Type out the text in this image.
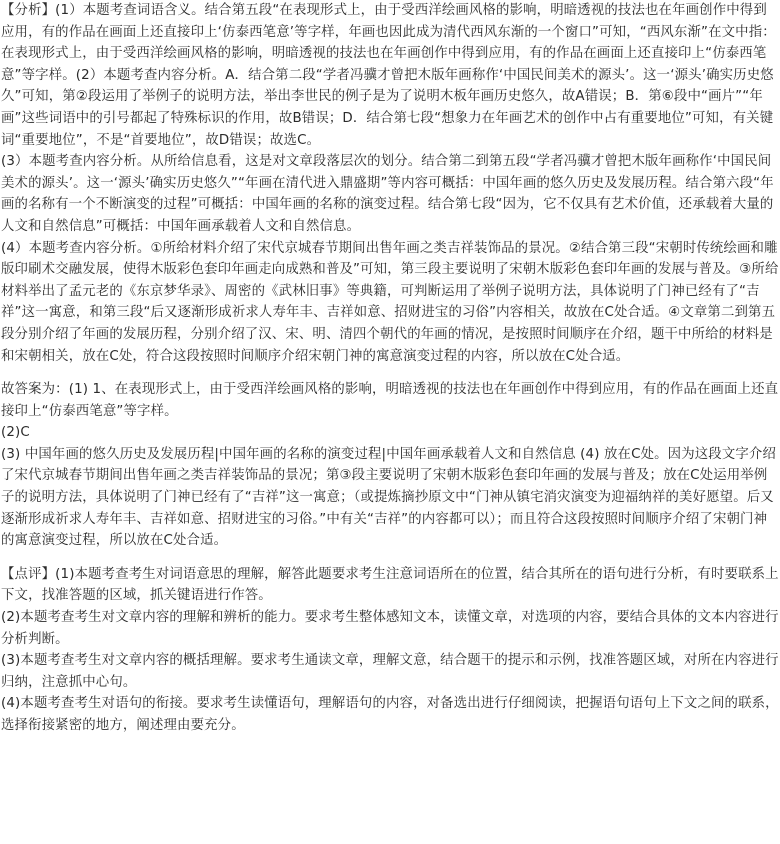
【分析】(1）本题考查词语含义。结合第五段“在表现形式上，由于受西洋绘画风格的影响，明暗透视的技法也在年画创作中得到应用，有的作品在画面上还直接印上‘仿泰西笔意’等字样，年画也因此成为清代西风东渐的一个窗口”可知，“西风东渐”在文中指：在表现形式上，由于受西洋绘画风格的影响，明暗透视的技法也在年画创作中得到应用，有的作品在画面上还直接印上“仿泰西笔意”等字样。(2）本题考查内容分析。A．结合第二段“学者冯骥才曾把木版年画称作‘中国民间美术的源头’。这一‘源头’确实历史悠久”可知，第②段运用了举例子的说明方法，举出李世民的例子是为了说明木板年画历史悠久，故A错误；B．第⑥段中“画片”“年画”这些词语中的引号都起了特殊标识的作用，故B错误；D．结合第七段“想象力在年画艺术的创作中占有重要地位”可知，有关键词“重要地位”，不是“首要地位”，故D错误；故选C。

(3）本题考查内容分析。从所给信息看，这是对文章段落层次的划分。结合第二到第五段“学者冯骥才曾把木版年画称作‘中国民间美术的源头’。这一‘源头’确实历史悠久”“年画在清代进入鼎盛期”等内容可概括：中国年画的悠久历史及发展历程。结合第六段“年画的名称有一个不断演变的过程”可概括：中国年画的名称的演变过程。结合第七段“因为，它不仅具有艺术价值，还承载着大量的人文和自然信息”可概括：中国年画承载着人文和自然信息。

(4）本题考查内容分析。①所给材料介绍了宋代京城春节期间出售年画之类吉祥装饰品的景况。②结合第三段“宋朝时传统绘画和雕版印刷术交融发展，使得木版彩色套印年画走向成熟和普及”可知，第三段主要说明了宋朝木版彩色套印年画的发展与普及。③所给材料举出了孟元老的《东京梦华录》、周密的《武林旧事》等典籍，可判断运用了举例子说明方法，具体说明了门神已经有了“吉祥”这一寓意，和第三段“后又逐渐形成祈求人寿年丰、吉祥如意、招财进宝的习俗”内容相关，故放在C处合适。④文章第二到第五段分别介绍了年画的发展历程，分别介绍了汉、宋、明、清四个朝代的年画的情况，是按照时间顺序在介绍，题干中所给的材料是和宋朝相关，放在C处，符合这段按照时间顺序介绍宋朝门神的寓意演变过程的内容，所以放在C处合适。

故答案为：(1) 1、在表现形式上，由于受西洋绘画风格的影响，明暗透视的技法也在年画创作中得到应用，有的作品在画面上还直接印上“仿泰西笔意”等字样。

(2)C

(3) 中国年画的悠久历史及发展历程|中国年画的名称的演变过程|中国年画承载着人文和自然信息 (4) 放在C处。因为这段文字介绍了宋代京城春节期间出售年画之类吉祥装饰品的景况；第③段主要说明了宋朝木版彩色套印年画的发展与普及；放在C处运用举例子的说明方法，具体说明了门神已经有了“吉祥”这一寓意；（或提炼摘抄原文中“门神从镇宅消灾演变为迎福纳祥的美好愿望。后又逐渐形成祈求人寿年丰、吉祥如意、招财进宝的习俗。”中有关“吉祥”的内容都可以）；而且符合这段按照时间顺序介绍了宋朝门神的寓意演变过程，所以放在C处合适。

【点评】(1)本题考查考生对词语意思的理解，解答此题要求考生注意词语所在的位置，结合其所在的语句进行分析，有时要联系上下文，找准答题的区域，抓关键语进行作答。

(2)本题考查考生对文章内容的理解和辨析的能力。要求考生整体感知文本，读懂文章，对选项的内容，要结合具体的文本内容进行分析判断。

(3)本题考查考生对文章内容的概括理解。要求考生通读文章，理解文意，结合题干的提示和示例，找准答题区域，对所在内容进行归纳，注意抓中心句。

(4)本题考查考生对语句的衔接。要求考生读懂语句，理解语句的内容，对备选出进行仔细阅读，把握语句语句上下文之间的联系，选择衔接紧密的地方，阐述理由要充分。
